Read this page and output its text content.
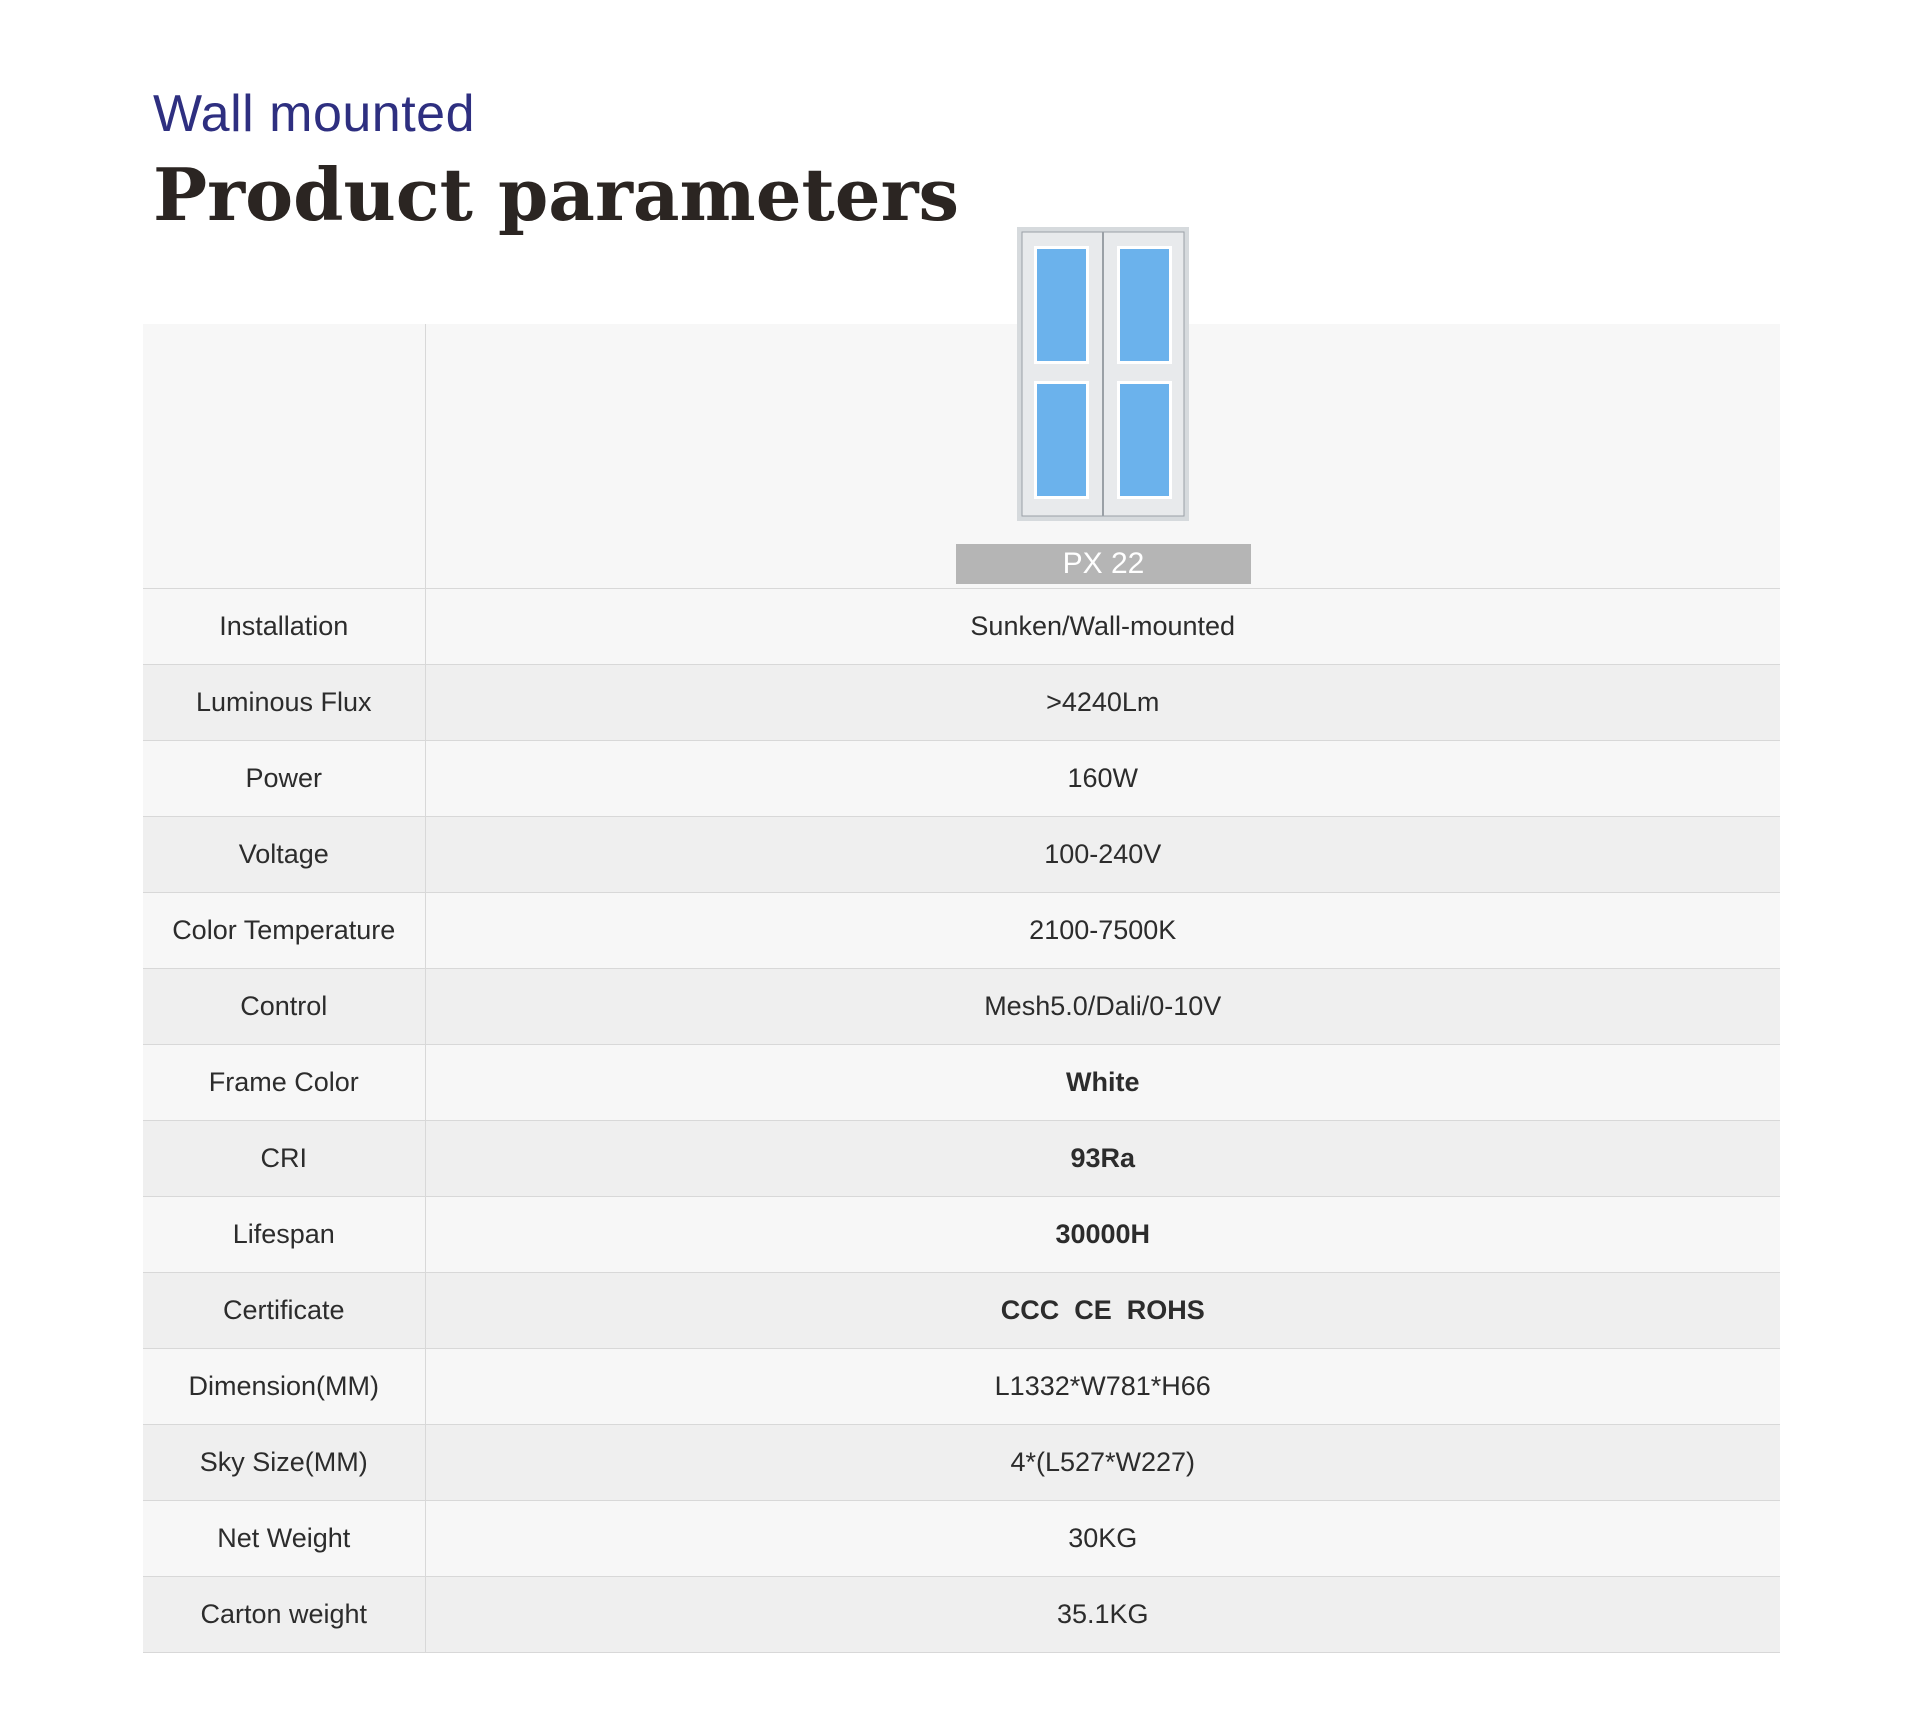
Wall mounted
Product parameters

Installation	Sunken/Wall-mounted
Luminous Flux	>4240Lm
Power	160W
Voltage	100-240V
Color Temperature	2100-7500K
Control	Mesh5.0/Dali/0-10V
Frame Color	White
CRI	93Ra
Lifespan	30000H
Certificate	CCC  CE  ROHS
Dimension(MM)	L1332*W781*H66
Sky Size(MM)	4*(L527*W227)
Net Weight	30KG
Carton weight	35.1KG
PX 22
